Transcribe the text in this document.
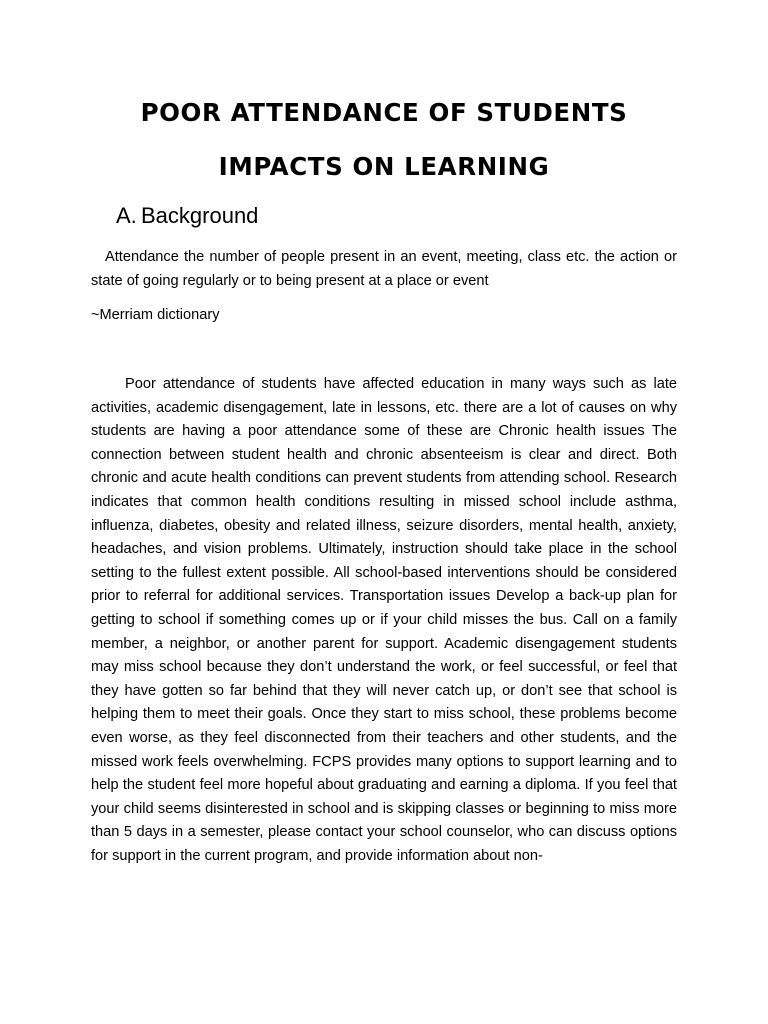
POOR ATTENDANCE OF STUDENTS
IMPACTS ON LEARNING
A. Background
Attendance the number of people present in an event, meeting, class etc. the action or state of going regularly or to being present at a place or event
~Merriam dictionary
Poor attendance of students have affected education in many ways such as late activities, academic disengagement, late in lessons, etc. there are a lot of causes on why students are having a poor attendance some of these are Chronic health issues The connection between student health and chronic absenteeism is clear and direct. Both chronic and acute health conditions can prevent students from attending school. Research indicates that common health conditions resulting in missed school include asthma, influenza, diabetes, obesity and related illness, seizure disorders, mental health, anxiety, headaches, and vision problems. Ultimately, instruction should take place in the school setting to the fullest extent possible. All school-based interventions should be considered prior to referral for additional services. Transportation issues Develop a back-up plan for getting to school if something comes up or if your child misses the bus. Call on a family member, a neighbor, or another parent for support. Academic disengagement students may miss school because they don’t understand the work, or feel successful, or feel that they have gotten so far behind that they will never catch up, or don’t see that school is helping them to meet their goals. Once they start to miss school, these problems become even worse, as they feel disconnected from their teachers and other students, and the missed work feels overwhelming. FCPS provides many options to support learning and to help the student feel more hopeful about graduating and earning a diploma. If you feel that your child seems disinterested in school and is skipping classes or beginning to miss more than 5 days in a semester, please contact your school counselor, who can discuss options for support in the current program, and provide information about non-
